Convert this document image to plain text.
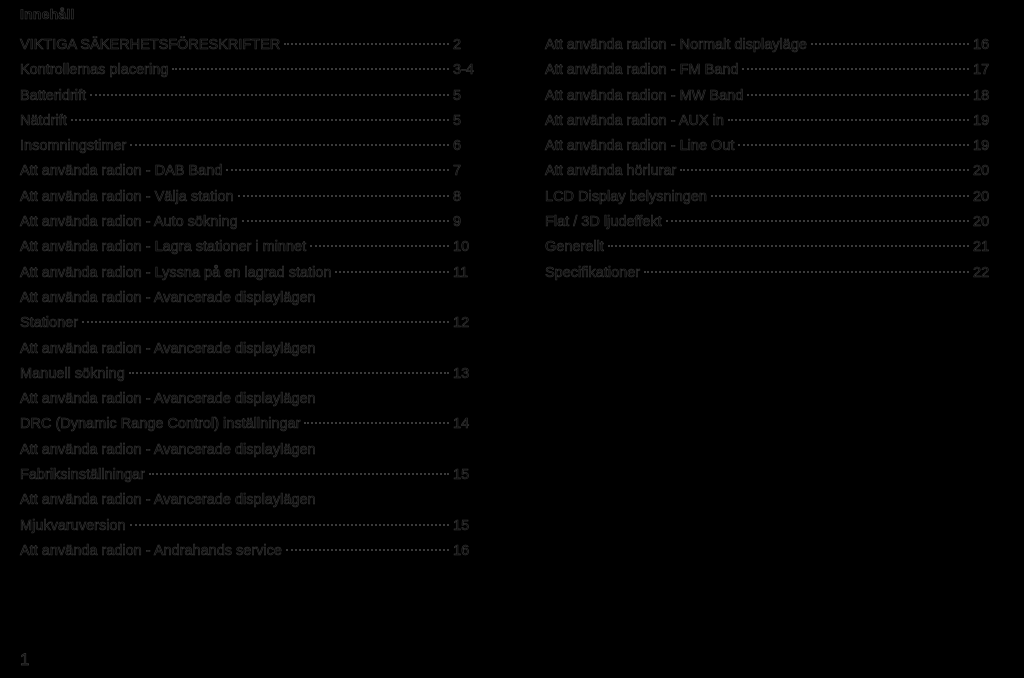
Innehåll
VIKTIGA SÄKERHETSFÖRESKRIFTER	2
Kontrollernas placering	3-4
Batteridrift	5
Nätdrift	5
Insomningstimer	6
Att använda radion - DAB Band	7
Att använda radion - Välja station	8
Att använda radion - Auto sökning	9
Att använda radion - Lagra stationer i minnet	10
Att använda radion - Lyssna på en lagrad station	11
Att använda radion - Avancerade displaylägen
Stationer	12
Att använda radion - Avancerade displaylägen
Manuell sökning	13
Att använda radion - Avancerade displaylägen
DRC (Dynamic Range Control) inställningar	14
Att använda radion - Avancerade displaylägen
Fabriksinställningar	15
Att använda radion - Avancerade displaylägen
Mjukvaruversion	15
Att använda radion - Andrahands service	16
Att använda radion - Normalt displayläge	16
Att använda radion - FM Band	17
Att använda radion - MW Band	18
Att använda radion - AUX in	19
Att använda radion - Line Out	19
Att använda hörlurar	20
LCD Display belysningen	20
Flat / 3D ljudeffekt	20
Generellt	21
Specifikationer	22
1
